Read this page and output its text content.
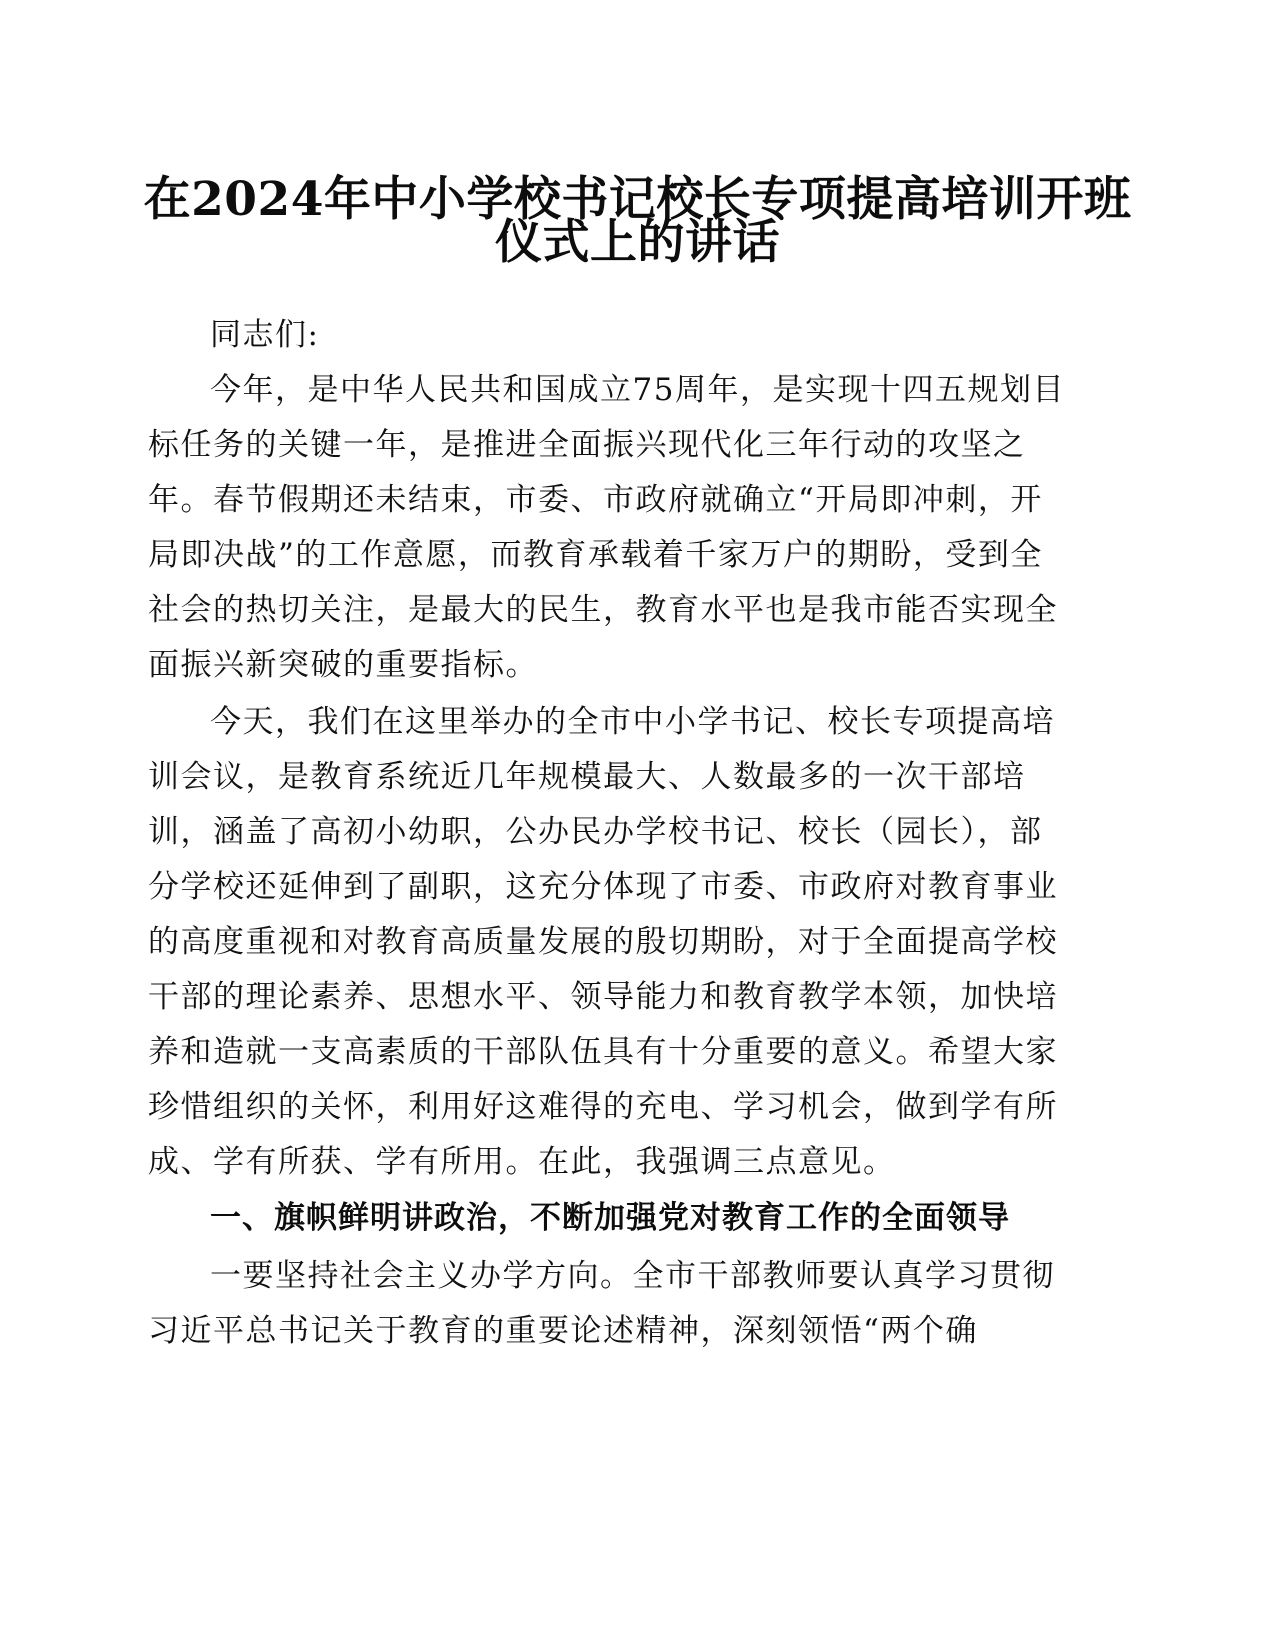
在2024年中小学校书记校长专项提高培训开班
仪式上的讲话
同志们:
今年，是中华人民共和国成立75周年，是实现十四五规划目
标任务的关键一年，是推进全面振兴现代化三年行动的攻坚之
年。春节假期还未结束，市委、市政府就确立“开局即冲刺，开
局即决战”的工作意愿，而教育承载着千家万户的期盼，受到全
社会的热切关注，是最大的民生，教育水平也是我市能否实现全
面振兴新突破的重要指标。
今天，我们在这里举办的全市中小学书记、校长专项提高培
训会议，是教育系统近几年规模最大、人数最多的一次干部培
训，涵盖了高初小幼职，公办民办学校书记、校长（园长），部
分学校还延伸到了副职，这充分体现了市委、市政府对教育事业
的高度重视和对教育高质量发展的殷切期盼，对于全面提高学校
干部的理论素养、思想水平、领导能力和教育教学本领，加快培
养和造就一支高素质的干部队伍具有十分重要的意义。希望大家
珍惜组织的关怀，利用好这难得的充电、学习机会，做到学有所
成、学有所获、学有所用。在此，我强调三点意见。
一、旗帜鲜明讲政治，不断加强党对教育工作的全面领导
一要坚持社会主义办学方向。全市干部教师要认真学习贯彻
习近平总书记关于教育的重要论述精神，深刻领悟“两个确
